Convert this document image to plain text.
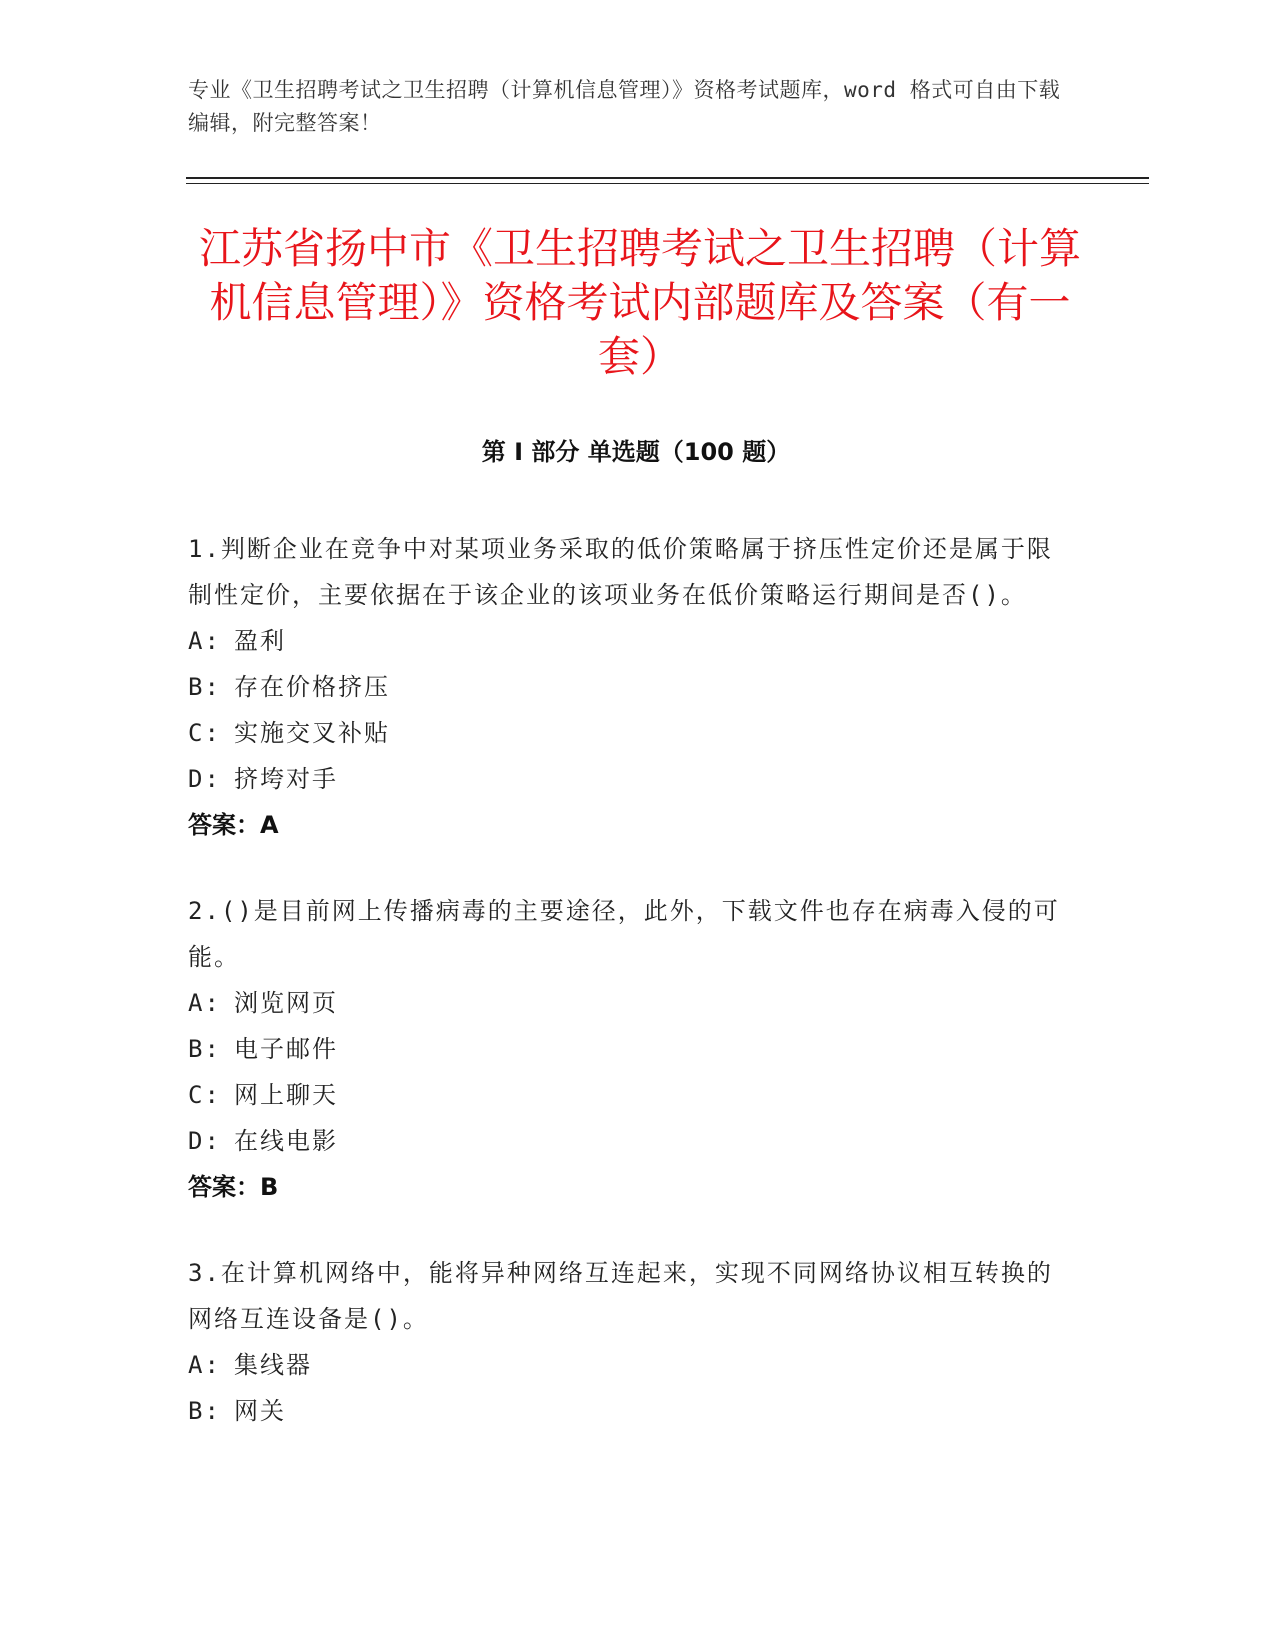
专业《卫生招聘考试之卫生招聘（计算机信息管理）》资格考试题库，word 格式可自由下载编辑，附完整答案！
江苏省扬中市《卫生招聘考试之卫生招聘（计算机信息管理）》资格考试内部题库及答案（有一套）
第 I 部分 单选题（100 题）
1.判断企业在竞争中对某项业务采取的低价策略属于挤压性定价还是属于限制性定价，主要依据在于该企业的该项业务在低价策略运行期间是否()。
A: 盈利
B: 存在价格挤压
C: 实施交叉补贴
D: 挤垮对手
答案：A
2.()是目前网上传播病毒的主要途径，此外，下载文件也存在病毒入侵的可能。
A: 浏览网页
B: 电子邮件
C: 网上聊天
D: 在线电影
答案：B
3.在计算机网络中，能将异种网络互连起来，实现不同网络协议相互转换的网络互连设备是()。
A: 集线器
B: 网关
